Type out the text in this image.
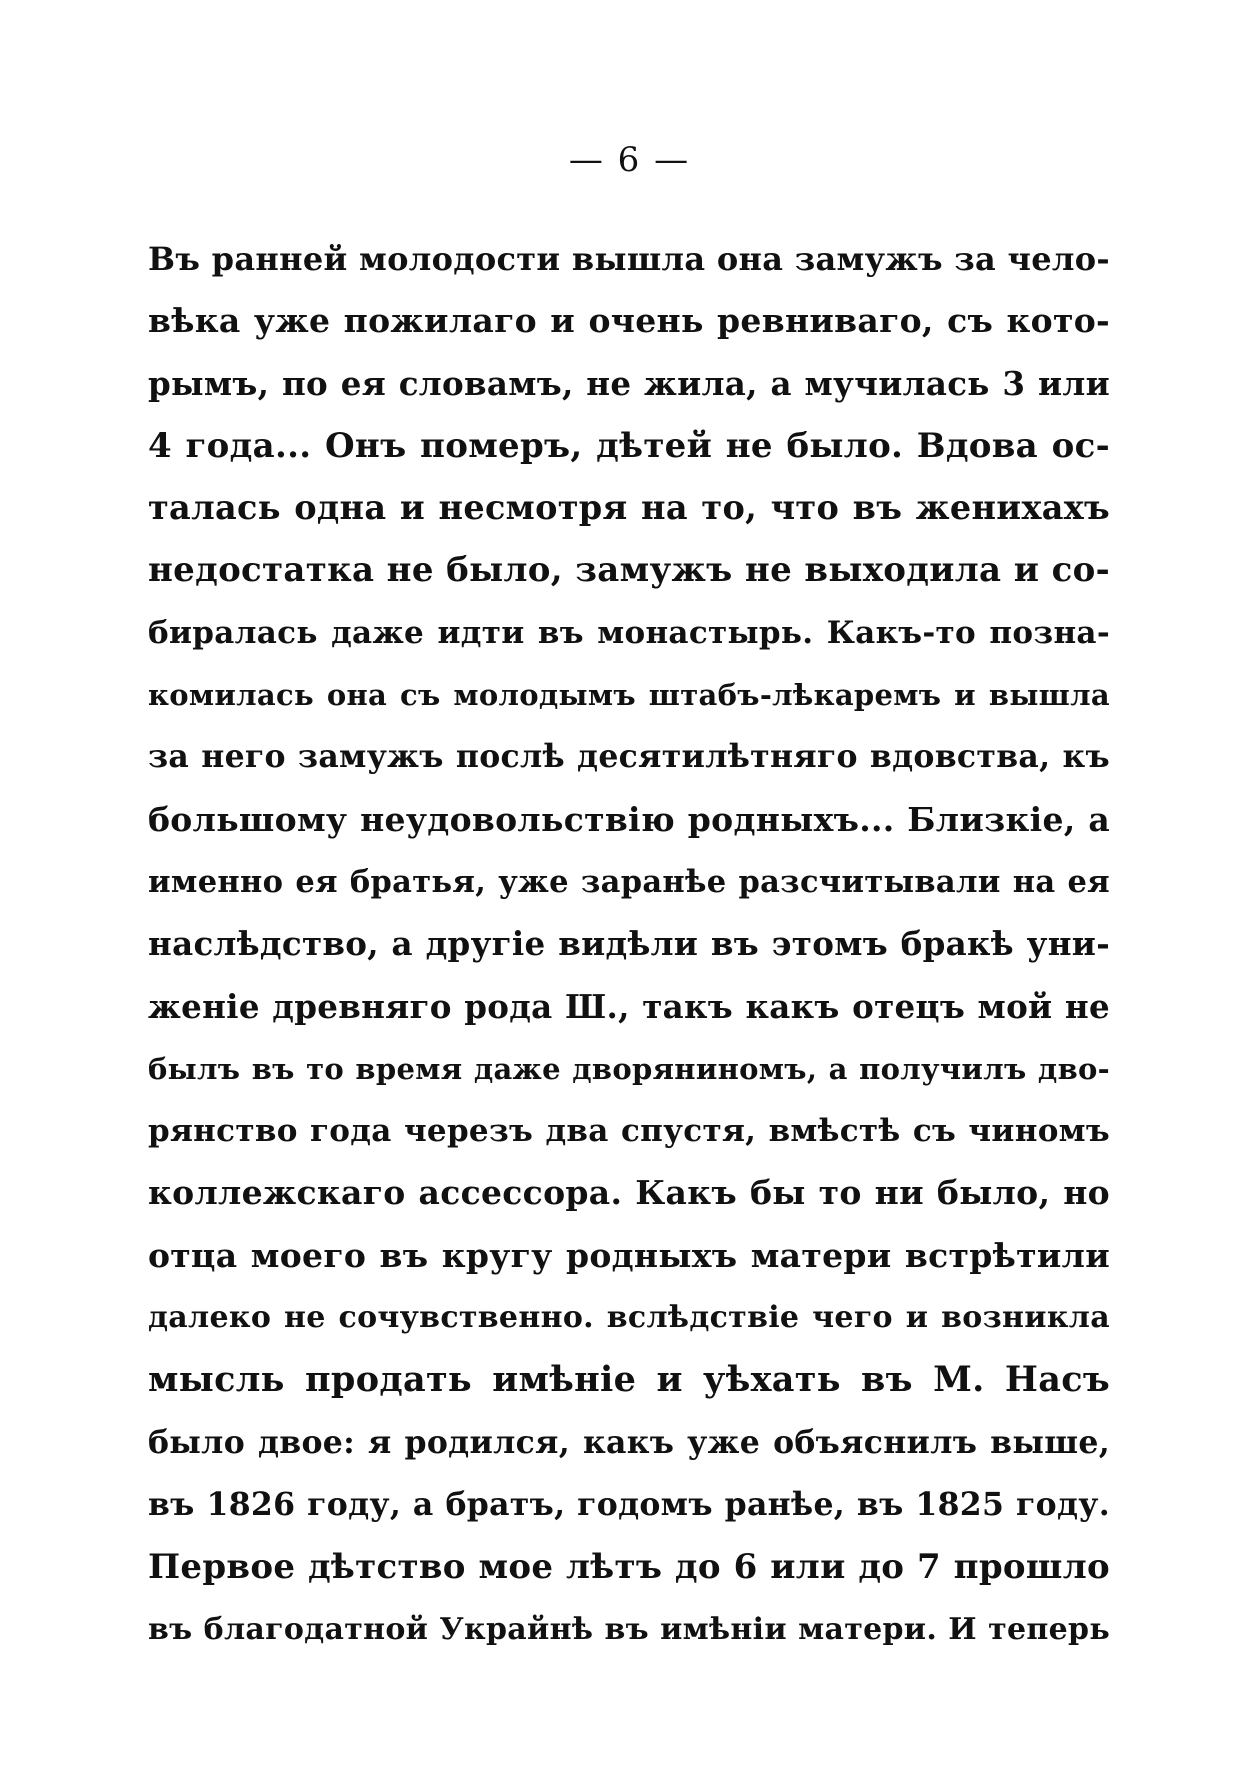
— 6 —
Въ ранней молодости вышла она замужъ за чело-
вѣка уже пожилаго и очень ревниваго, съ кото-
рымъ, по ея словамъ, не жила, а мучилась 3 или
4 года... Онъ померъ, дѣтей не было. Вдова ос-
талась одна и несмотря на то, что въ женихахъ
недостатка не было, замужъ не выходила и со-
биралась даже идти въ монастырь. Какъ-то позна-
комилась она съ молодымъ штабъ-лѣкаремъ и вышла
за него замужъ послѣ десятилѣтняго вдовства, къ
большому неудовольствію родныхъ... Близкіе, а
именно ея братья, уже заранѣе разсчитывали на ея
наслѣдство, а другіе видѣли въ этомъ бракѣ уни-
женіе древняго рода Ш., такъ какъ отецъ мой не
былъ въ то время даже дворяниномъ, а получилъ дво-
рянство года черезъ два спустя, вмѣстѣ съ чиномъ
коллежскаго ассессора. Какъ бы то ни было, но
отца моего въ кругу родныхъ матери встрѣтили
далеко не сочувственно. вслѣдствіе чего и возникла
мысль продать имѣніе и уѣхать въ М. Насъ
было двое: я родился, какъ уже объяснилъ выше,
въ 1826 году, а братъ, годомъ ранѣе, въ 1825 году.
Первое дѣтство мое лѣтъ до 6 или до 7 прошло
въ благодатной Украйнѣ въ имѣніи матери. И теперь
